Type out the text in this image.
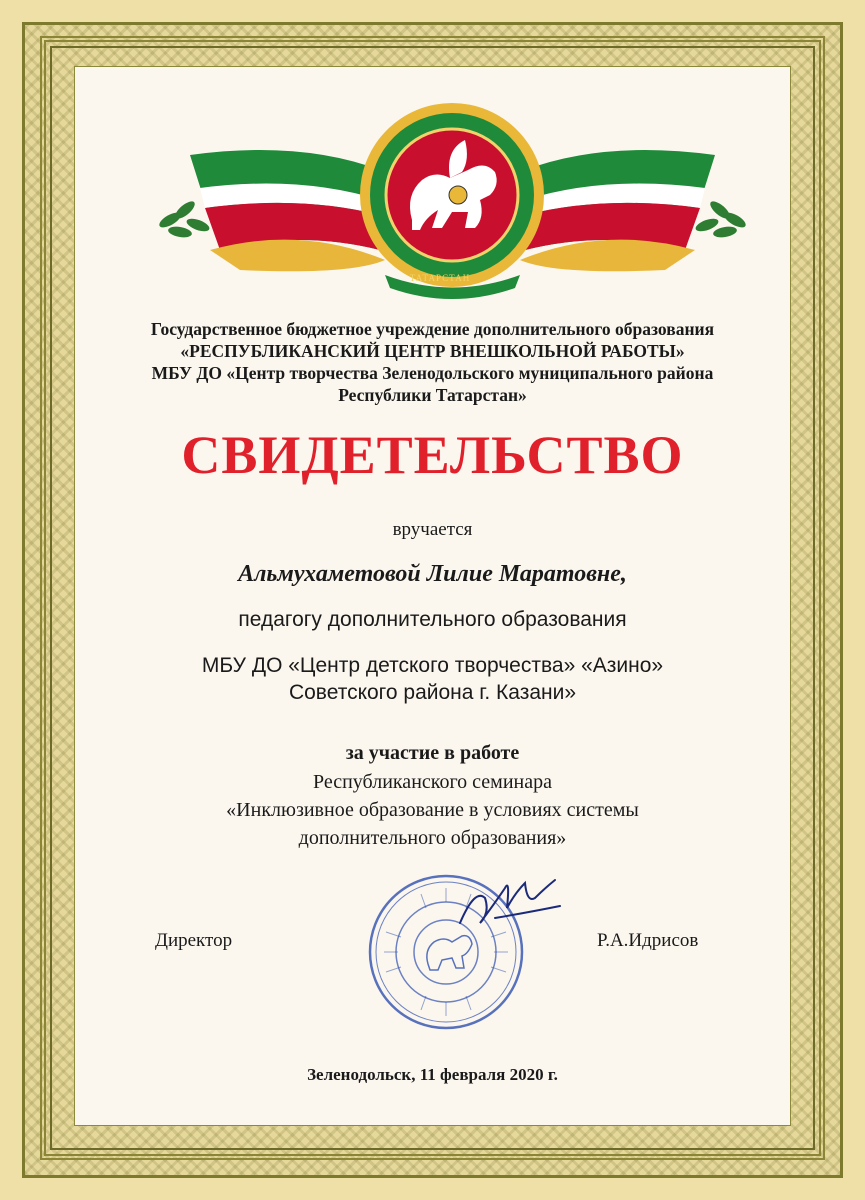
ТАТАРСТАН
Государственное бюджетное учреждение дополнительного образования
«РЕСПУБЛИКАНСКИЙ ЦЕНТР ВНЕШКОЛЬНОЙ РАБОТЫ»
МБУ ДО «Центр творчества Зеленодольского муниципального района
Республики Татарстан»
СВИДЕТЕЛЬСТВО
вручается
Альмухаметовой Лилие Маратовне,
педагогу дополнительного образования
МБУ ДО «Центр детского творчества» «Азино»
Советского района г. Казани»
за участие в работе
Республиканского семинара
«Инклюзивное образование в условиях системы
дополнительного образования»
Директор	Р.А.Идрисов
Зеленодольск, 11 февраля 2020 г.
